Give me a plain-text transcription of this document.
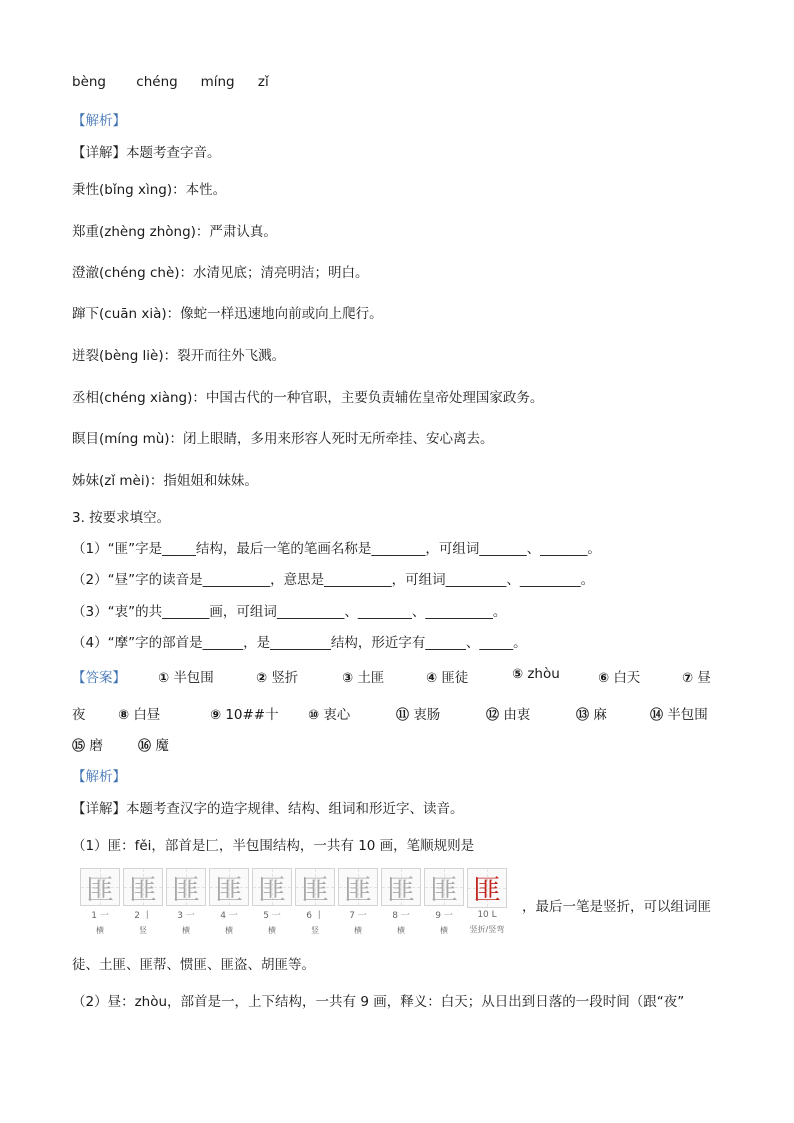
bèng chéng míng zǐ
【解析】
【详解】本题考查字音。
秉性(bǐng xìng)：本性。
郑重(zhèng zhòng)：严肃认真。
澄澈(chéng chè)：水清见底；清亮明洁；明白。
蹿下(cuān xià)：像蛇一样迅速地向前或向上爬行。
迸裂(bèng liè)：裂开而往外飞溅。
丞相(chéng xiàng)：中国古代的一种官职，主要负责辅佐皇帝处理国家政务。
瞑目(míng mù)：闭上眼睛，多用来形容人死时无所牵挂、安心离去。
姊妹(zǐ mèi)：指姐姐和妹妹。
3. 按要求填空。
（1）“匪”字是_____结构，最后一笔的笔画名称是________，可组词_______、_______。
（2）“昼”字的读音是__________，意思是__________，可组词_________、_________。
（3）“衷”的共_______画，可组词__________、________、__________。
（4）“摩”字的部首是______，是_________结构，形近字有______、_____。
【答案】 ① 半包围	② 竖折	③ 土匪	④ 匪徒	⑤ zhòu	⑥ 白天	⑦ 昼
夜	⑧ 白昼	⑨ 10##十 ⑩ 衷心	⑪ 衷肠	⑫ 由衷	⑬ 麻	⑭ 半包围
⑮ 磨	⑯ 魔
【解析】
【详解】本题考查汉字的造字规律、结构、组词和形近字、读音。
（1）匪：fěi，部首是匚，半包围结构，一共有 10 画，笔顺规则是
匪
1 一
横
匪
2 丨
竖
匪
3 一
横
匪
4 一
横
匪
5 一
横
匪
6 丨
竖
匪
7 一
横
匪
8 一
横
匪
9 一
横
匪
10 L
竖折/竖弯
，最后一笔是竖折，可以组词匪
徒、土匪、匪帮、惯匪、匪盗、胡匪等。
（2）昼：zhòu，部首是一，上下结构，一共有 9 画，释义：白天；从日出到日落的一段时间（跟“夜”
